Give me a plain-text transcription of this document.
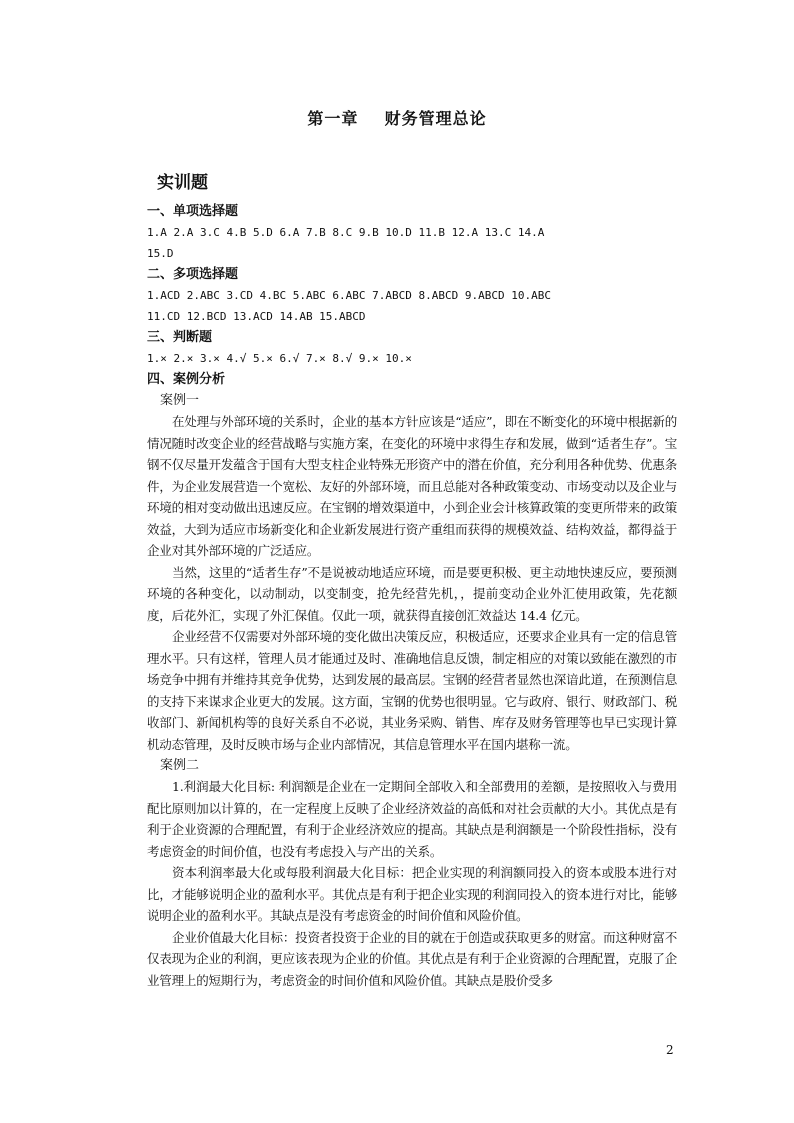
第一章    财务管理总论
实训题

一、单项选择题

1.A 2.A 3.C 4.B 5.D 6.A 7.B 8.C 9.B 10.D 11.B 12.A 13.C 14.A

15.D

二、多项选择题

1.ACD 2.ABC 3.CD 4.BC 5.ABC 6.ABC 7.ABCD 8.ABCD 9.ABCD 10.ABC

11.CD 12.BCD 13.ACD 14.AB 15.ABCD

三、判断题

1.× 2.× 3.× 4.√ 5.× 6.√ 7.× 8.√ 9.× 10.×

四、案例分析

案例一

在处理与外部环境的关系时，企业的基本方针应该是“适应”，即在不断变化的环境中根据新的情况随时改变企业的经营战略与实施方案，在变化的环境中求得生存和发展，做到“适者生存”。宝钢不仅尽量开发蕴含于国有大型支柱企业特殊无形资产中的潜在价值，充分利用各种优势、优惠条件，为企业发展营造一个宽松、友好的外部环境，而且总能对各种政策变动、市场变动以及企业与环境的相对变动做出迅速反应。在宝钢的增效渠道中，小到企业会计核算政策的变更所带来的政策效益，大到为适应市场新变化和企业新发展进行资产重组而获得的规模效益、结构效益，都得益于企业对其外部环境的广泛适应。

当然，这里的“适者生存”不是说被动地适应环境，而是要更积极、更主动地快速反应，要预测环境的各种变化，以动制动，以变制变，抢先经营先机，，提前变动企业外汇使用政策，先花额度，后花外汇，实现了外汇保值。仅此一项，就获得直接创汇效益达 14.4 亿元。

企业经营不仅需要对外部环境的变化做出决策反应，积极适应，还要求企业具有一定的信息管理水平。只有这样，管理人员才能通过及时、准确地信息反馈，制定相应的对策以致能在激烈的市场竞争中拥有并维持其竞争优势，达到发展的最高层。宝钢的经营者显然也深谙此道，在预测信息的支持下来谋求企业更大的发展。这方面，宝钢的优势也很明显。它与政府、银行、财政部门、税收部门、新闻机构等的良好关系自不必说，其业务采购、销售、库存及财务管理等也早已实现计算机动态管理，及时反映市场与企业内部情况，其信息管理水平在国内堪称一流。

案例二

1.利润最大化目标: 利润额是企业在一定期间全部收入和全部费用的差额，是按照收入与费用配比原则加以计算的，在一定程度上反映了企业经济效益的高低和对社会贡献的大小。其优点是有利于企业资源的合理配置，有利于企业经济效应的提高。其缺点是利润额是一个阶段性指标，没有考虑资金的时间价值，也没有考虑投入与产出的关系。

资本利润率最大化或每股利润最大化目标：把企业实现的利润额同投入的资本或股本进行对比，才能够说明企业的盈利水平。其优点是有利于把企业实现的利润同投入的资本进行对比，能够说明企业的盈利水平。其缺点是没有考虑资金的时间价值和风险价值。

企业价值最大化目标：投资者投资于企业的目的就在于创造或获取更多的财富。而这种财富不仅表现为企业的利润，更应该表现为企业的价值。其优点是有利于企业资源的合理配置，克服了企业管理上的短期行为，考虑资金的时间价值和风险价值。其缺点是股价受多

2
